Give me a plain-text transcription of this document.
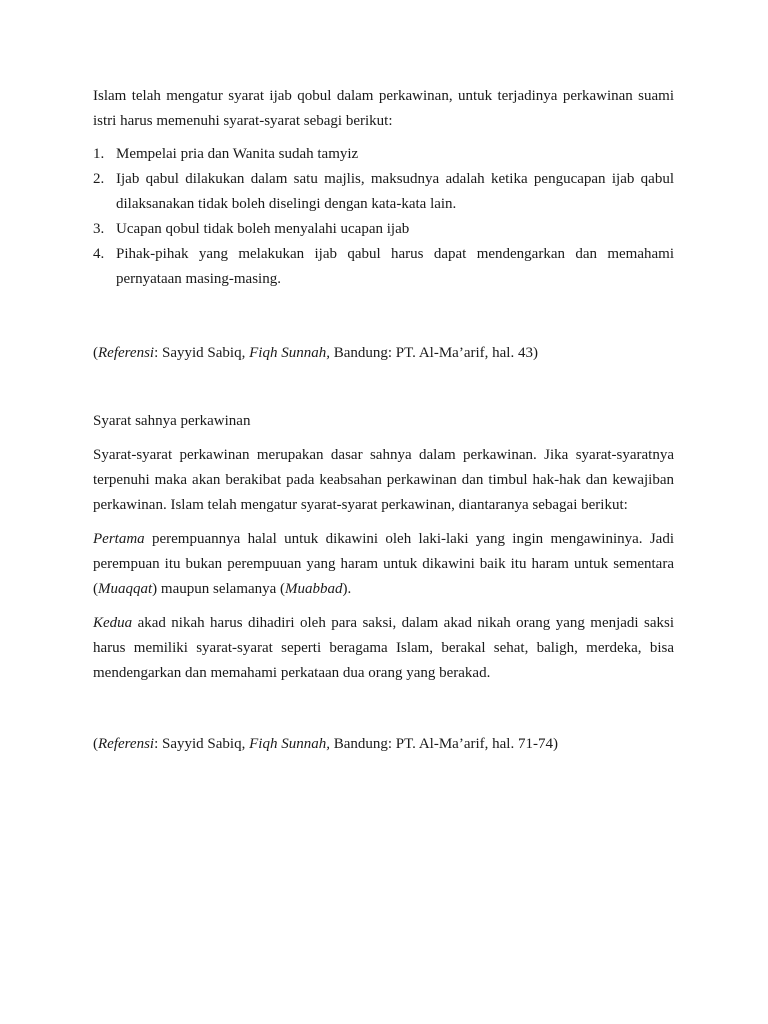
Islam telah mengatur syarat ijab qobul dalam perkawinan, untuk terjadinya perkawinan suami istri harus memenuhi syarat-syarat sebagi berikut:

1. Mempelai pria dan Wanita sudah tamyiz
2. Ijab qabul dilakukan dalam satu majlis, maksudnya adalah ketika pengucapan ijab qabul dilaksanakan tidak boleh diselingi dengan kata-kata lain.
3. Ucapan qobul tidak boleh menyalahi ucapan ijab
4. Pihak-pihak yang melakukan ijab qabul harus dapat mendengarkan dan memahami pernyataan masing-masing.

(Referensi: Sayyid Sabiq, Fiqh Sunnah, Bandung: PT. Al-Ma’arif, hal. 43)

Syarat sahnya perkawinan

Syarat-syarat perkawinan merupakan dasar sahnya dalam perkawinan. Jika syarat-syaratnya terpenuhi maka akan berakibat pada keabsahan perkawinan dan timbul hak-hak dan kewajiban perkawinan. Islam telah mengatur syarat-syarat perkawinan, diantaranya sebagai berikut:

Pertama perempuannya halal untuk dikawini oleh laki-laki yang ingin mengawininya. Jadi perempuan itu bukan perempuuan yang haram untuk dikawini baik itu haram untuk sementara (Muaqqat) maupun selamanya (Muabbad).

Kedua akad nikah harus dihadiri oleh para saksi, dalam akad nikah orang yang menjadi saksi harus memiliki syarat-syarat seperti beragama Islam, berakal sehat, baligh, merdeka, bisa mendengarkan dan memahami perkataan dua orang yang berakad.

(Referensi: Sayyid Sabiq, Fiqh Sunnah, Bandung: PT. Al-Ma’arif, hal. 71-74)
